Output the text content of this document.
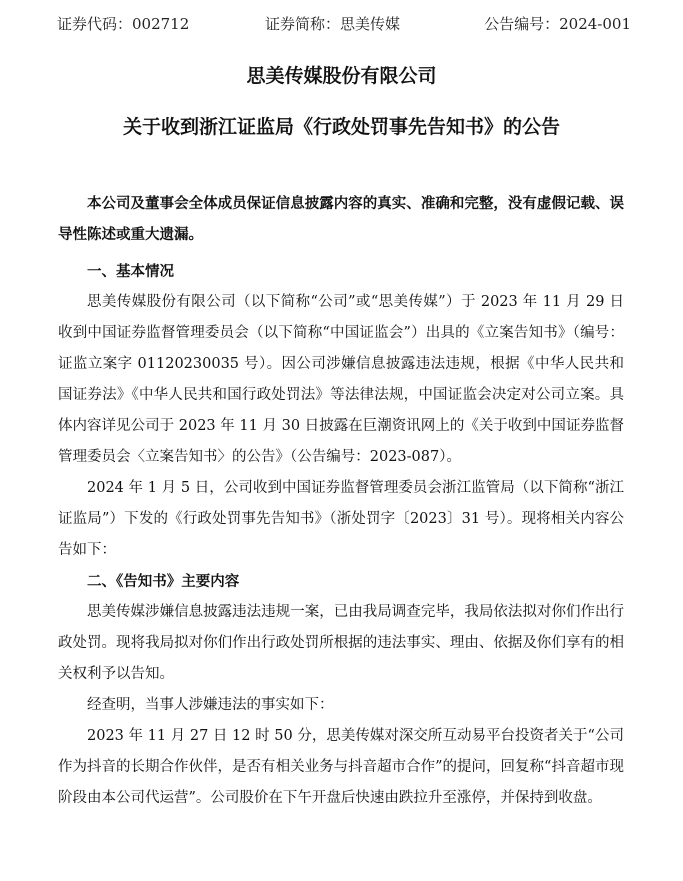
证券代码：002712	证券简称：思美传媒	公告编号：2024-001
思美传媒股份有限公司
关于收到浙江证监局《行政处罚事先告知书》的公告

本公司及董事会全体成员保证信息披露内容的真实、准确和完整，没有虚假记载、误导性陈述或重大遗漏。

一、基本情况

思美传媒股份有限公司（以下简称“公司”或“思美传媒”）于 2023 年 11 月 29 日收到中国证券监督管理委员会（以下简称“中国证监会”）出具的《立案告知书》（编号：证监立案字 01120230035 号）。因公司涉嫌信息披露违法违规，根据《中华人民共和国证券法》《中华人民共和国行政处罚法》等法律法规，中国证监会决定对公司立案。具体内容详见公司于 2023 年 11 月 30 日披露在巨潮资讯网上的《关于收到中国证券监督管理委员会〈立案告知书〉的公告》（公告编号：2023-087）。

2024 年 1 月 5 日，公司收到中国证券监督管理委员会浙江监管局（以下简称“浙江证监局”）下发的《行政处罚事先告知书》（浙处罚字〔2023〕31 号）。现将相关内容公告如下：

二、《告知书》主要内容

思美传媒涉嫌信息披露违法违规一案，已由我局调查完毕，我局依法拟对你们作出行政处罚。现将我局拟对你们作出行政处罚所根据的违法事实、理由、依据及你们享有的相关权利予以告知。

经查明，当事人涉嫌违法的事实如下：

2023 年 11 月 27 日 12 时 50 分，思美传媒对深交所互动易平台投资者关于“公司作为抖音的长期合作伙伴，是否有相关业务与抖音超市合作”的提问，回复称“抖音超市现阶段由本公司代运营”。公司股价在下午开盘后快速由跌拉升至涨停，并保持到收盘。
